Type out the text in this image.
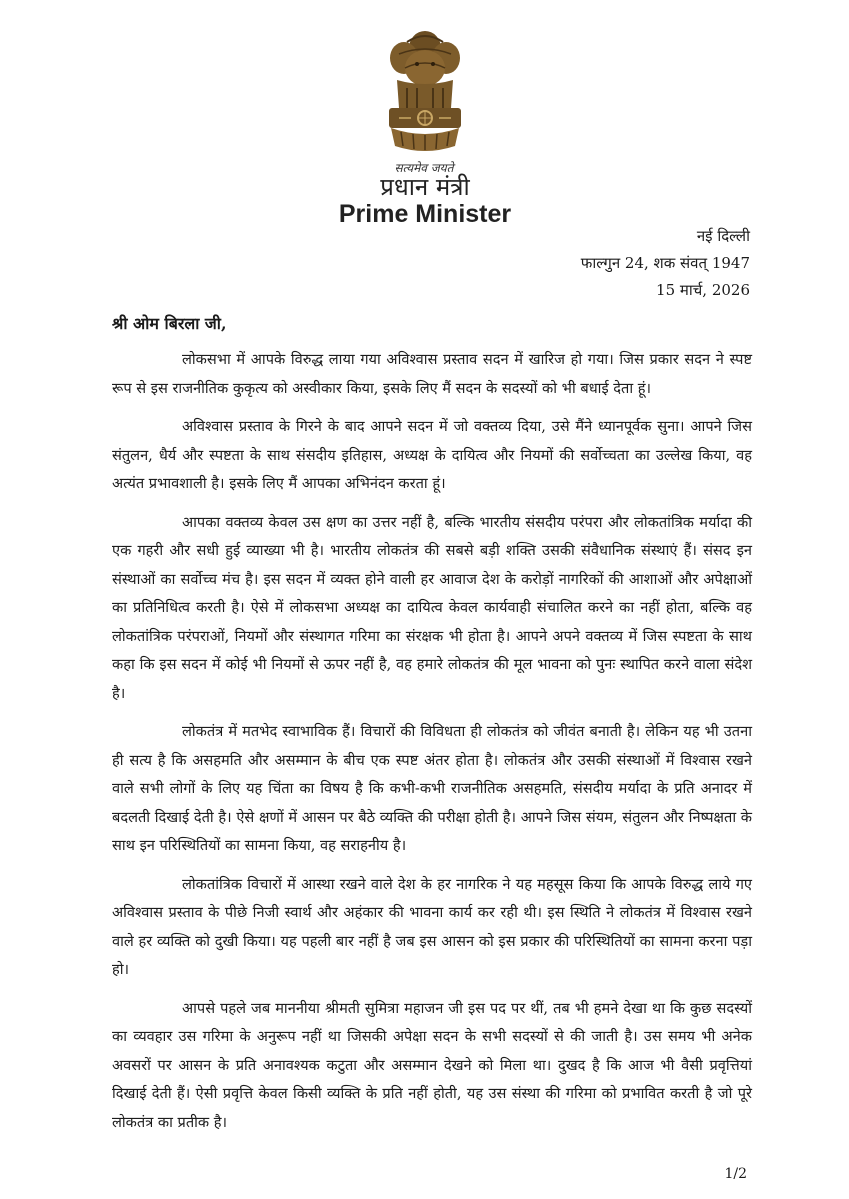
सत्यमेव जयते
प्रधान मंत्री
Prime Minister
नई दिल्ली
फाल्गुन 24, शक संवत् 1947
15 मार्च, 2026
श्री ओम बिरला जी,

लोकसभा में आपके विरुद्ध लाया गया अविश्वास प्रस्ताव सदन में खारिज हो गया। जिस प्रकार सदन ने स्पष्ट रूप से इस राजनीतिक कुकृत्य को अस्वीकार किया, इसके लिए मैं सदन के सदस्यों को भी बधाई देता हूं।

अविश्वास प्रस्ताव के गिरने के बाद आपने सदन में जो वक्तव्य दिया, उसे मैंने ध्यानपूर्वक सुना। आपने जिस संतुलन, धैर्य और स्पष्टता के साथ संसदीय इतिहास, अध्यक्ष के दायित्व और नियमों की सर्वोच्चता का उल्लेख किया, वह अत्यंत प्रभावशाली है। इसके लिए मैं आपका अभिनंदन करता हूं।

आपका वक्तव्य केवल उस क्षण का उत्तर नहीं है, बल्कि भारतीय संसदीय परंपरा और लोकतांत्रिक मर्यादा की एक गहरी और सधी हुई व्याख्या भी है। भारतीय लोकतंत्र की सबसे बड़ी शक्ति उसकी संवैधानिक संस्थाएं हैं। संसद इन संस्थाओं का सर्वोच्च मंच है। इस सदन में व्यक्त होने वाली हर आवाज देश के करोड़ों नागरिकों की आशाओं और अपेक्षाओं का प्रतिनिधित्व करती है। ऐसे में लोकसभा अध्यक्ष का दायित्व केवल कार्यवाही संचालित करने का नहीं होता, बल्कि वह लोकतांत्रिक परंपराओं, नियमों और संस्थागत गरिमा का संरक्षक भी होता है। आपने अपने वक्तव्य में जिस स्पष्टता के साथ कहा कि इस सदन में कोई भी नियमों से ऊपर नहीं है, वह हमारे लोकतंत्र की मूल भावना को पुनः स्थापित करने वाला संदेश है।

लोकतंत्र में मतभेद स्वाभाविक हैं। विचारों की विविधता ही लोकतंत्र को जीवंत बनाती है। लेकिन यह भी उतना ही सत्य है कि असहमति और असम्मान के बीच एक स्पष्ट अंतर होता है। लोकतंत्र और उसकी संस्थाओं में विश्वास रखने वाले सभी लोगों के लिए यह चिंता का विषय है कि कभी-कभी राजनीतिक असहमति, संसदीय मर्यादा के प्रति अनादर में बदलती दिखाई देती है। ऐसे क्षणों में आसन पर बैठे व्यक्ति की परीक्षा होती है। आपने जिस संयम, संतुलन और निष्पक्षता के साथ इन परिस्थितियों का सामना किया, वह सराहनीय है।

लोकतांत्रिक विचारों में आस्था रखने वाले देश के हर नागरिक ने यह महसूस किया कि आपके विरुद्ध लाये गए अविश्वास प्रस्ताव के पीछे निजी स्वार्थ और अहंकार की भावना कार्य कर रही थी। इस स्थिति ने लोकतंत्र में विश्वास रखने वाले हर व्यक्ति को दुखी किया। यह पहली बार नहीं है जब इस आसन को इस प्रकार की परिस्थितियों का सामना करना पड़ा हो।

आपसे पहले जब माननीया श्रीमती सुमित्रा महाजन जी इस पद पर थीं, तब भी हमने देखा था कि कुछ सदस्यों का व्यवहार उस गरिमा के अनुरूप नहीं था जिसकी अपेक्षा सदन के सभी सदस्यों से की जाती है। उस समय भी अनेक अवसरों पर आसन के प्रति अनावश्यक कटुता और असम्मान देखने को मिला था। दुखद है कि आज भी वैसी प्रवृत्तियां दिखाई देती हैं। ऐसी प्रवृत्ति केवल किसी व्यक्ति के प्रति नहीं होती, यह उस संस्था की गरिमा को प्रभावित करती है जो पूरे लोकतंत्र का प्रतीक है।

1/2
